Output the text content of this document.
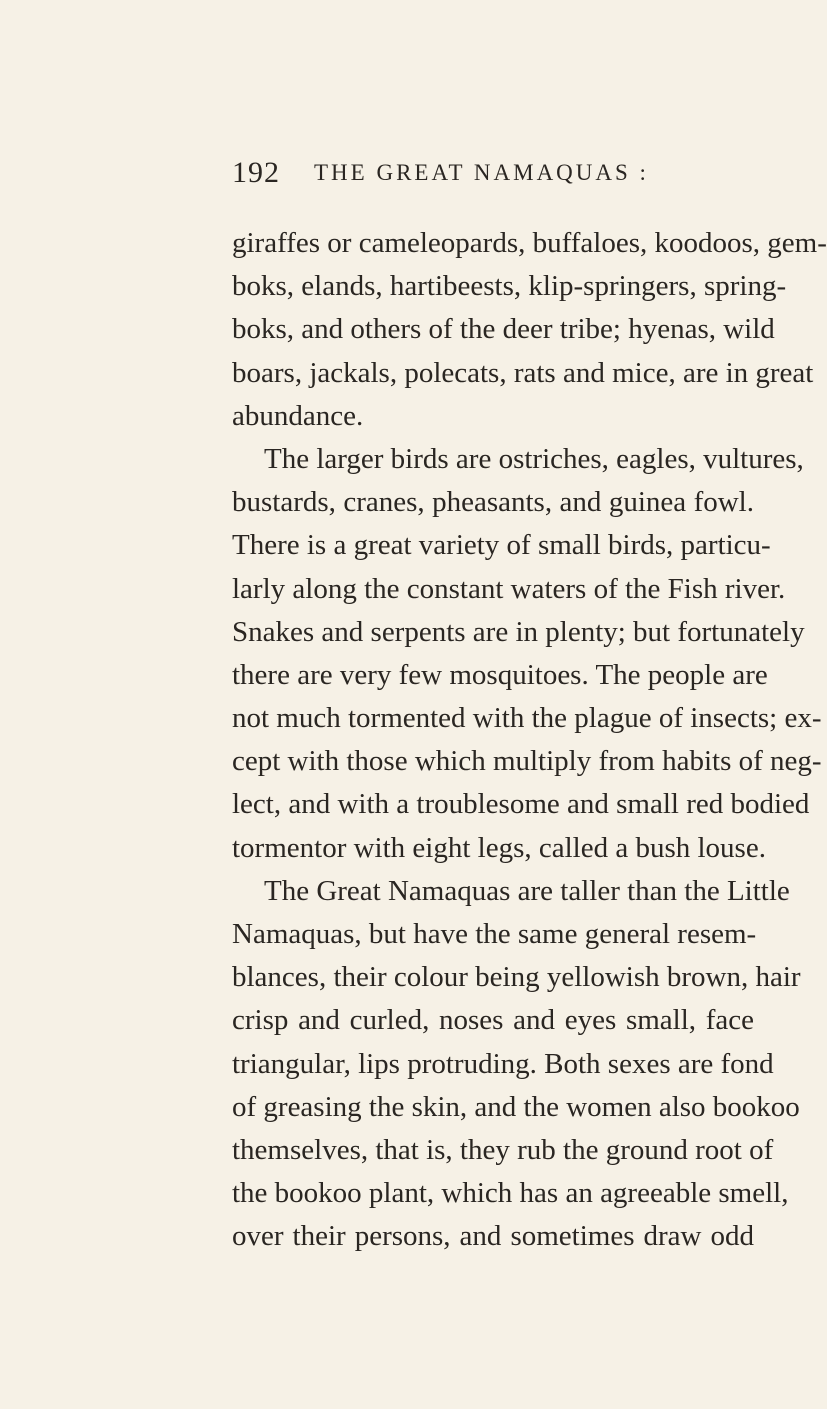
192 THE GREAT NAMAQUAS :
giraffes or cameleopards, buffaloes, koodoos, gem-
boks, elands, hartibeests, klip-springers, spring-
boks, and others of the deer tribe; hyenas, wild
boars, jackals, polecats, rats and mice, are in great
abundance.
The larger birds are ostriches, eagles, vultures,
bustards, cranes, pheasants, and guinea fowl.
There is a great variety of small birds, particu-
larly along the constant waters of the Fish river.
Snakes and serpents are in plenty; but fortunately
there are very few mosquitoes. The people are
not much tormented with the plague of insects; ex-
cept with those which multiply from habits of neg-
lect, and with a troublesome and small red bodied
tormentor with eight legs, called a bush louse.
The Great Namaquas are taller than the Little
Namaquas, but have the same general resem-
blances, their colour being yellowish brown, hair
crisp and curled, noses and eyes small, face
triangular, lips protruding. Both sexes are fond
of greasing the skin, and the women also bookoo
themselves, that is, they rub the ground root of
the bookoo plant, which has an agreeable smell,
over their persons, and sometimes draw odd
